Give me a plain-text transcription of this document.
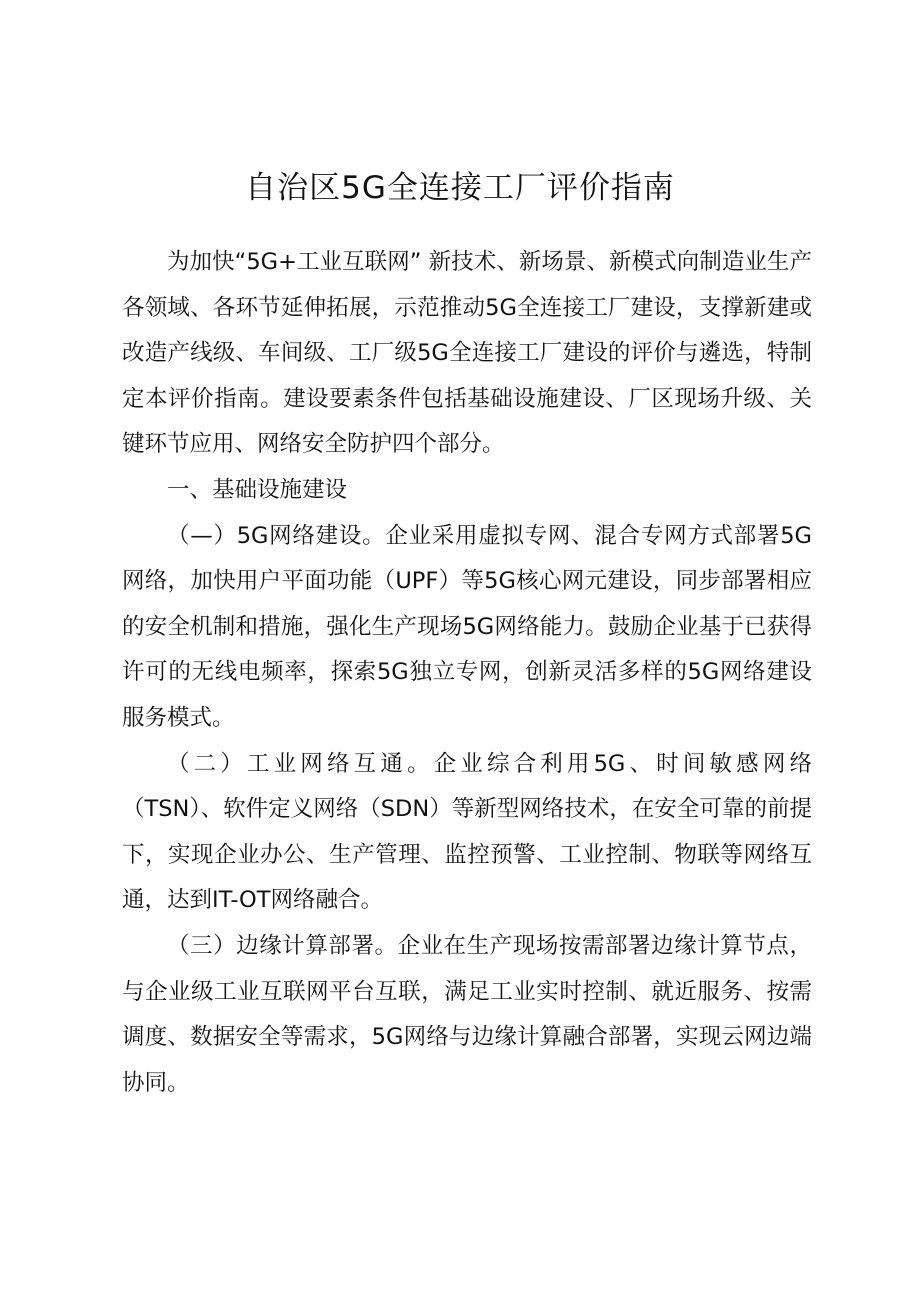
自治区5G全连接工厂评价指南

为加快“5G+工业互联网” 新技术、新场景、新模式向制造业生产各领域、各环节延伸拓展，示范推动5G全连接工厂建设，支撑新建或改造产线级、车间级、工厂级5G全连接工厂建设的评价与遴选，特制定本评价指南。建设要素条件包括基础设施建设、厂区现场升级、关键环节应用、网络安全防护四个部分。

一、基础设施建设

（—）5G网络建设。企业采用虚拟专网、混合专网方式部署5G网络，加快用户平面功能（UPF）等5G核心网元建设，同步部署相应的安全机制和措施，强化生产现场5G网络能力。鼓励企业基于已获得许可的无线电频率，探索5G独立专网，创新灵活多样的5G网络建设服务模式。

（二）工业网络互通。企业综合利用5G、时间敏感网络（TSN）、软件定义网络（SDN）等新型网络技术，在安全可靠的前提下，实现企业办公、生产管理、监控预警、工业控制、物联等网络互通，达到IT-OT网络融合。

（三）边缘计算部署。企业在生产现场按需部署边缘计算节点，与企业级工业互联网平台互联，满足工业实时控制、就近服务、按需调度、数据安全等需求，5G网络与边缘计算融合部署，实现云网边端协同。
